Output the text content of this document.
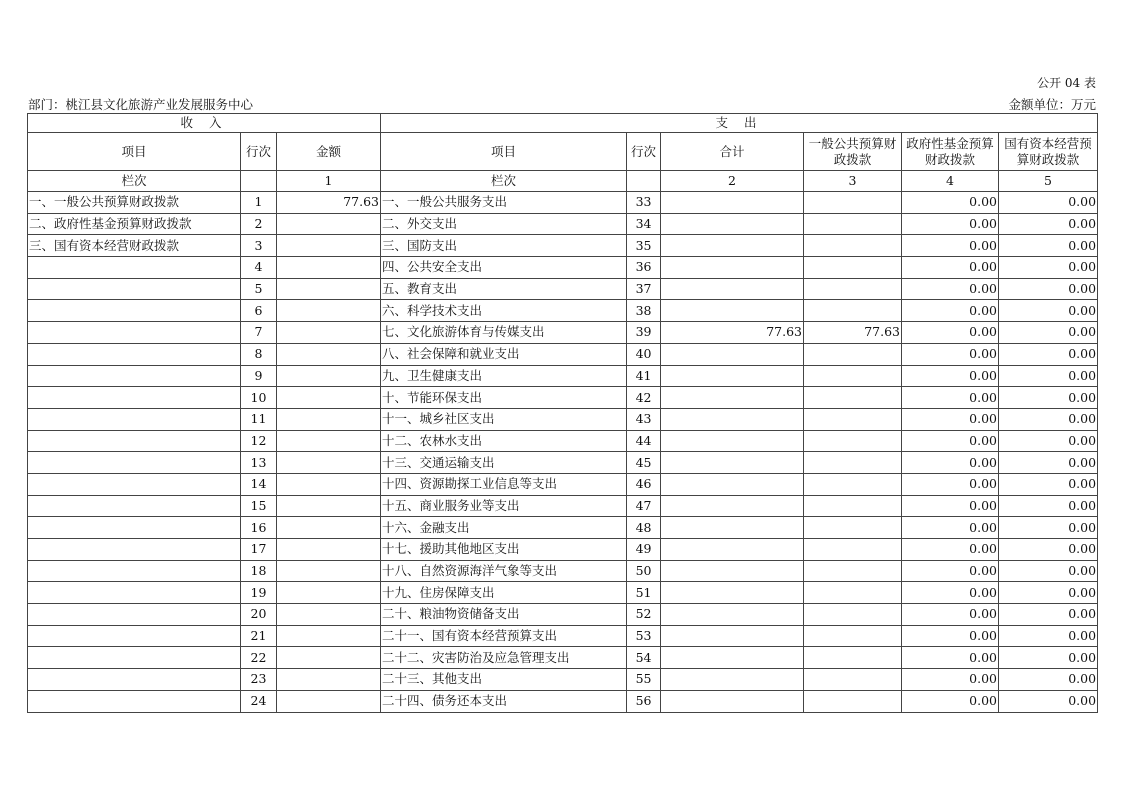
公开 04 表
部门：桃江县文化旅游产业发展服务中心	金额单位：万元
收 入			支 出					
项目	行次	金额	项目	行次	合计	一般公共预算财政拨款	政府性基金预算财政拨款	国有资本经营预算财政拨款
栏次		1	栏次		2	3	4	5
一、一般公共预算财政拨款	1	77.63	一、一般公共服务支出	33			0.00	0.00
二、政府性基金预算财政拨款	2		二、外交支出	34			0.00	0.00
三、国有资本经营财政拨款	3		三、国防支出	35			0.00	0.00
	4		四、公共安全支出	36			0.00	0.00
	5		五、教育支出	37			0.00	0.00
	6		六、科学技术支出	38			0.00	0.00
	7		七、文化旅游体育与传媒支出	39	77.63	77.63	0.00	0.00
	8		八、社会保障和就业支出	40			0.00	0.00
	9		九、卫生健康支出	41			0.00	0.00
	10		十、节能环保支出	42			0.00	0.00
	11		十一、城乡社区支出	43			0.00	0.00
	12		十二、农林水支出	44			0.00	0.00
	13		十三、交通运输支出	45			0.00	0.00
	14		十四、资源勘探工业信息等支出	46			0.00	0.00
	15		十五、商业服务业等支出	47			0.00	0.00
	16		十六、金融支出	48			0.00	0.00
	17		十七、援助其他地区支出	49			0.00	0.00
	18		十八、自然资源海洋气象等支出	50			0.00	0.00
	19		十九、住房保障支出	51			0.00	0.00
	20		二十、粮油物资储备支出	52			0.00	0.00
	21		二十一、国有资本经营预算支出	53			0.00	0.00
	22		二十二、灾害防治及应急管理支出	54			0.00	0.00
	23		二十三、其他支出	55			0.00	0.00
	24		二十四、债务还本支出	56			0.00	0.00
